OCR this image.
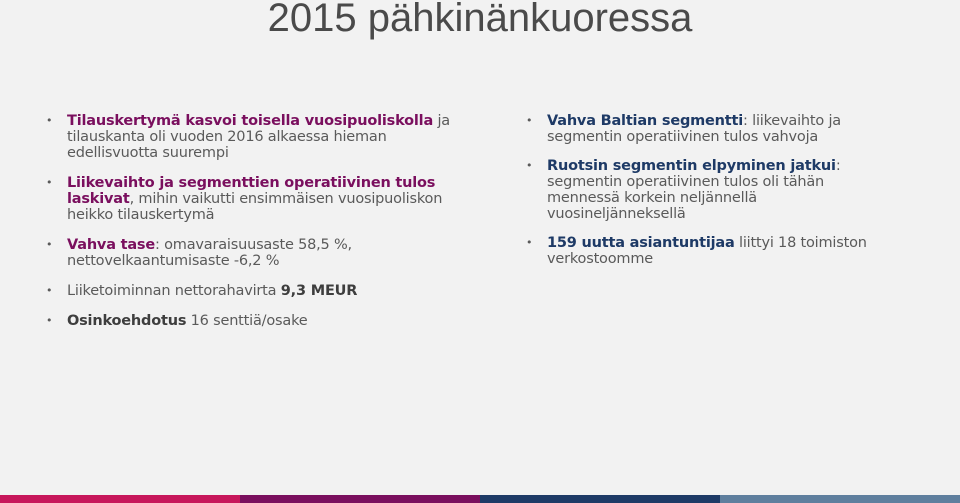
2015 pähkinänkuoressa
• Tilauskertymä kasvoi toisella vuosipuoliskolla ja tilauskanta oli vuoden 2016 alkaessa hieman edellisvuotta suurempi
• Liikevaihto ja segmenttien operatiivinen tulos laskivat, mihin vaikutti ensimmäisen vuosipuoliskon heikko tilauskertymä
• Vahva tase: omavaraisuusaste 58,5 %, nettovelkaantumisaste -6,2 %
• Liiketoiminnan nettorahavirta 9,3 MEUR
• Osinkoehdotus 16 senttiä/osake
• Vahva Baltian segmentti: liikevaihto ja segmentin operatiivinen tulos vahvoja
• Ruotsin segmentin elpyminen jatkui: segmentin operatiivinen tulos oli tähän mennessä korkein neljännellä vuosineljänneksellä
• 159 uutta asiantuntijaa liittyi 18 toimiston verkostoomme
